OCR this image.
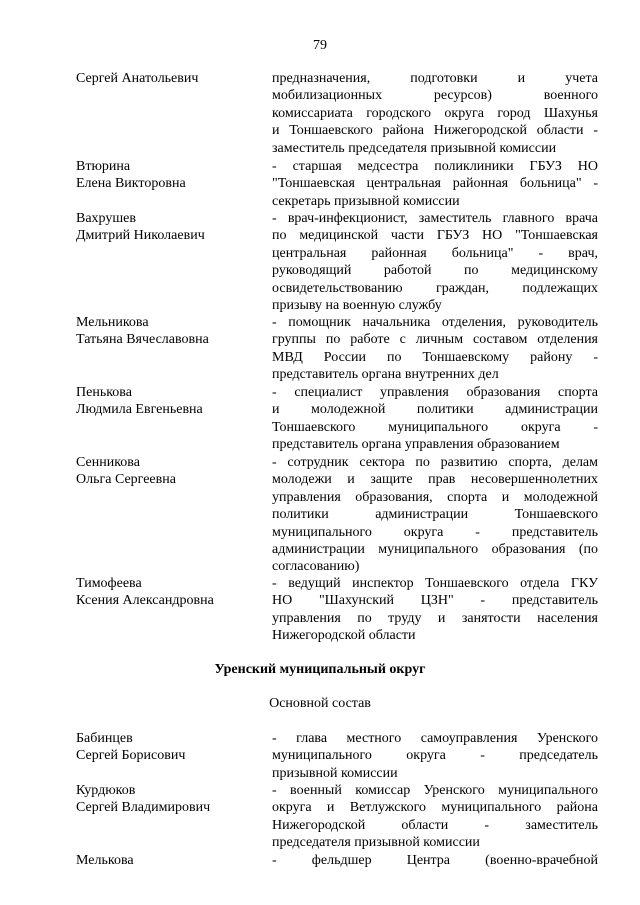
79
Сергей Анатольевич	предназначения, подготовки и учета
мобилизационных ресурсов) военного
комиссариата городского округа город Шахунья
и Тоншаевского района Нижегородской области -
заместитель председателя призывной комиссии
Втюрина
Елена Викторовна
- старшая медсестра поликлиники ГБУЗ НО
"Тоншаевская центральная районная больница" -
секретарь призывной комиссии
Вахрушев
Дмитрий Николаевич
- врач-инфекционист, заместитель главного врача
по медицинской части ГБУЗ НО "Тоншаевская
центральная районная больница" - врач,
руководящий работой по медицинскому
освидетельствованию граждан, подлежащих
призыву на военную службу
Мельникова
Татьяна Вячеславовна
- помощник начальника отделения, руководитель
группы по работе с личным составом отделения
МВД России по Тоншаевскому району -
представитель органа внутренних дел
Пенькова
Людмила Евгеньевна
- специалист управления образования спорта
и молодежной политики администрации
Тоншаевского муниципального округа -
представитель органа управления образованием
Сенникова
Ольга Сергеевна
- сотрудник сектора по развитию спорта, делам
молодежи и защите прав несовершеннолетних
управления образования, спорта и молодежной
политики администрации Тоншаевского
муниципального округа - представитель
администрации муниципального образования (по
согласованию)
Тимофеева
Ксения Александровна
- ведущий инспектор Тоншаевского отдела ГКУ
НО "Шахунский ЦЗН" - представитель
управления по труду и занятости населения
Нижегородской области
Уренский муниципальный округ
Основной состав
Бабинцев
Сергей Борисович
- глава местного самоуправления Уренского
муниципального округа - председатель
призывной комиссии
Курдюков
Сергей Владимирович
- военный комиссар Уренского муниципального
округа и Ветлужского муниципального района
Нижегородской области - заместитель
председателя призывной комиссии
Мелькова	- фельдшер Центра (военно-врачебной
